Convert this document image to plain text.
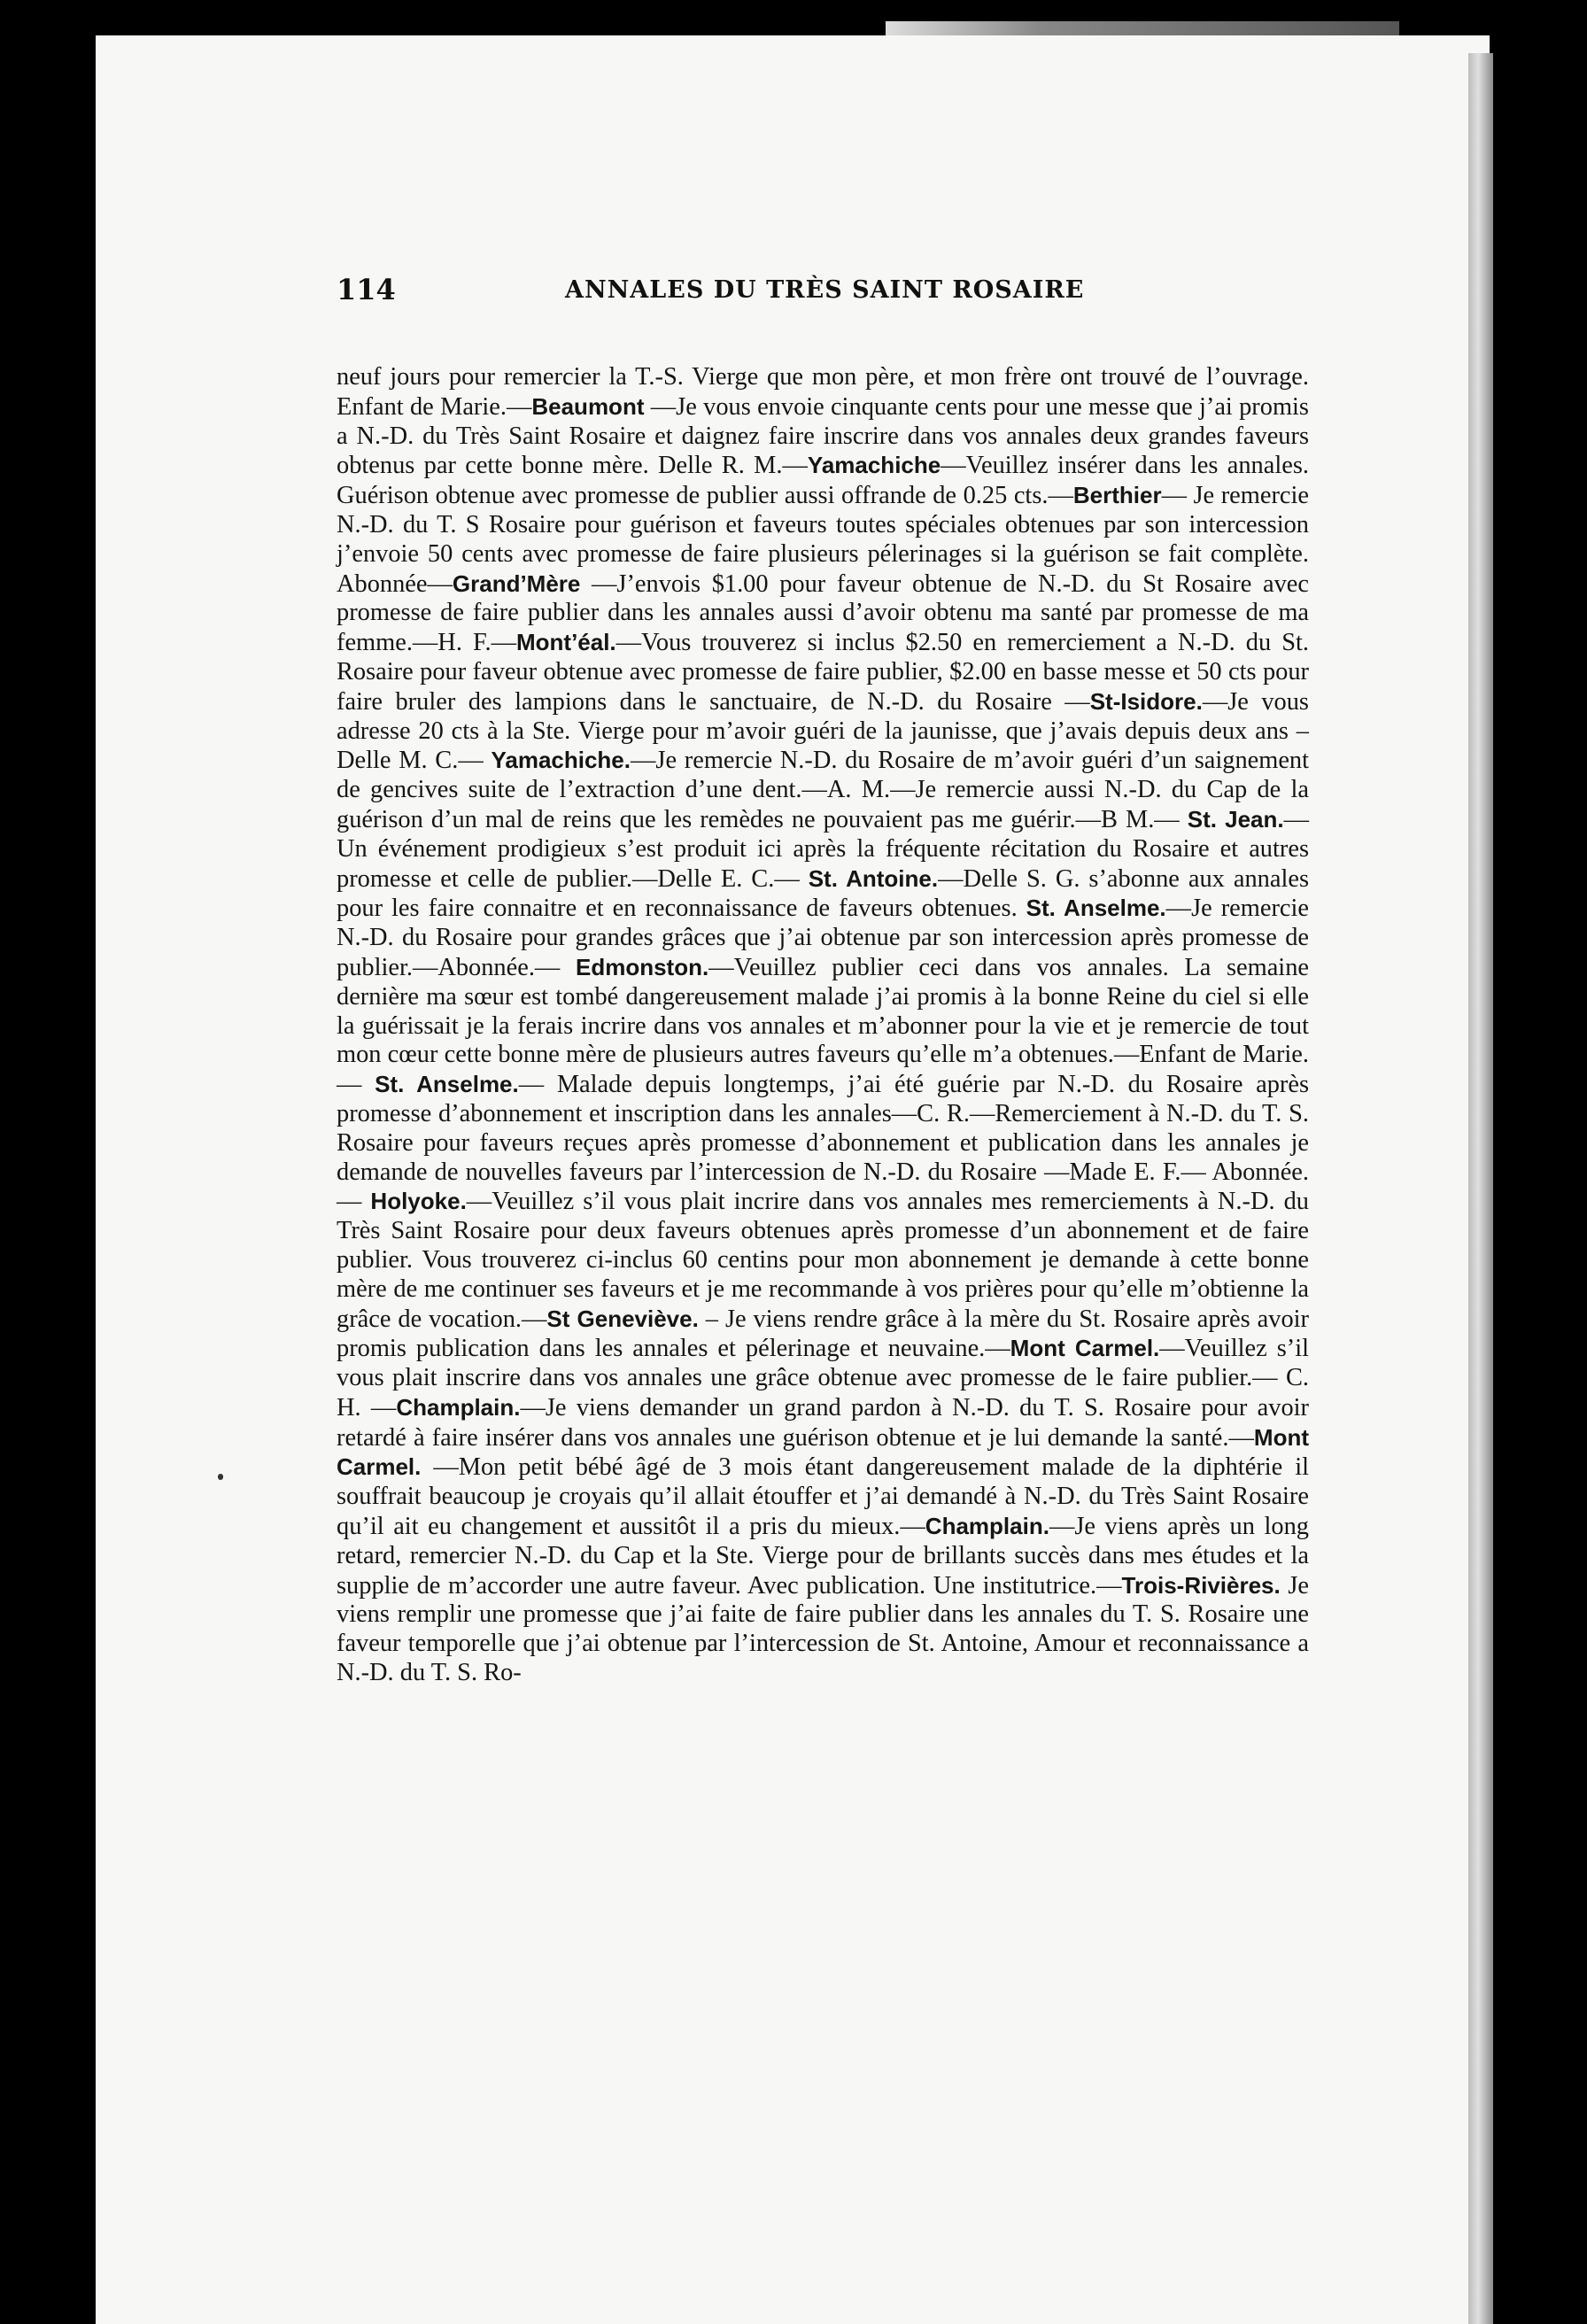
114	ANNALES DU TRÈS SAINT ROSAIRE

neuf jours pour remercier la T.-S. Vierge que mon père, et mon frère ont trouvé de l’ouvrage. Enfant de Marie.—Beaumont —Je vous envoie cinquante cents pour une messe que j’ai promis a N.-D. du Très Saint Rosaire et daignez faire inscrire dans vos annales deux grandes faveurs obtenus par cette bonne mère. Delle R. M.—Yamachiche—Veuillez insérer dans les annales. Guérison obtenue avec promesse de publier aussi offrande de 0.25 cts.—Berthier— Je remercie N.-D. du T. S Rosaire pour guérison et faveurs toutes spéciales obtenues par son intercession j’envoie 50 cents avec promesse de faire plusieurs pélerinages si la guérison se fait complète. Abonnée—Grand’Mère —J’envois $1.00 pour faveur obtenue de N.-D. du St Rosaire avec promesse de faire publier dans les annales aussi d’avoir obtenu ma santé par promesse de ma femme.—H. F.—Mont’éal.—Vous trouverez si inclus $2.50 en remerciement a N.-D. du St. Rosaire pour faveur obtenue avec promesse de faire publier, $2.00 en basse messe et 50 cts pour faire bruler des lampions dans le sanctuaire, de N.-D. du Rosaire —St-Isidore.—Je vous adresse 20 cts à la Ste. Vierge pour m’avoir guéri de la jaunisse, que j’avais depuis deux ans – Delle M. C.— Yamachiche.—Je remercie N.-D. du Rosaire de m’avoir guéri d’un saignement de gencives suite de l’extraction d’une dent.—A. M.—Je remercie aussi N.-D. du Cap de la guérison d’un mal de reins que les remèdes ne pouvaient pas me guérir.—B M.— St. Jean.—Un événement prodigieux s’est produit ici après la fréquente récitation du Rosaire et autres promesse et celle de publier.—Delle E. C.— St. Antoine.—Delle S. G. s’abonne aux annales pour les faire connaitre et en reconnaissance de faveurs obtenues. St. Anselme.—Je remercie N.-D. du Rosaire pour grandes grâces que j’ai obtenue par son intercession après promesse de publier.—Abonnée.— Edmonston.—Veuillez publier ceci dans vos annales. La semaine dernière ma sœur est tombé dangereusement malade j’ai promis à la bonne Reine du ciel si elle la guérissait je la ferais incrire dans vos annales et m’abonner pour la vie et je remercie de tout mon cœur cette bonne mère de plusieurs autres faveurs qu’elle m’a obtenues.—Enfant de Marie.— St. Anselme.— Malade depuis longtemps, j’ai été guérie par N.-D. du Rosaire après promesse d’abonnement et inscription dans les annales—C. R.—Remerciement à N.-D. du T. S. Rosaire pour faveurs reçues après promesse d’abonnement et publication dans les annales je demande de nouvelles faveurs par l’intercession de N.-D. du Rosaire —Made E. F.— Abonnée.— Holyoke.—Veuillez s’il vous plait incrire dans vos annales mes remerciements à N.-D. du Très Saint Rosaire pour deux faveurs obtenues après promesse d’un abonnement et de faire publier. Vous trouverez ci-inclus 60 centins pour mon abonnement je demande à cette bonne mère de me continuer ses faveurs et je me recommande à vos prières pour qu’elle m’obtienne la grâce de vocation.—St Geneviève. – Je viens rendre grâce à la mère du St. Rosaire après avoir promis publication dans les annales et pélerinage et neuvaine.—Mont Carmel.—Veuillez s’il vous plait inscrire dans vos annales une grâce obtenue avec promesse de le faire publier.— C. H. —Champlain.—Je viens demander un grand pardon à N.-D. du T. S. Rosaire pour avoir retardé à faire insérer dans vos annales une guérison obtenue et je lui demande la santé.—Mont Carmel. —Mon petit bébé âgé de 3 mois étant dangereusement malade de la diphtérie il souffrait beaucoup je croyais qu’il allait étouffer et j’ai demandé à N.-D. du Très Saint Rosaire qu’il ait eu changement et aussitôt il a pris du mieux.—Champlain.—Je viens après un long retard, remercier N.-D. du Cap et la Ste. Vierge pour de brillants succès dans mes études et la supplie de m’accorder une autre faveur. Avec publication. Une institutrice.—Trois-Rivières. Je viens remplir une promesse que j’ai faite de faire publier dans les annales du T. S. Rosaire une faveur temporelle que j’ai obtenue par l’intercession de St. Antoine, Amour et reconnaissance a N.-D. du T. S. Ro-
